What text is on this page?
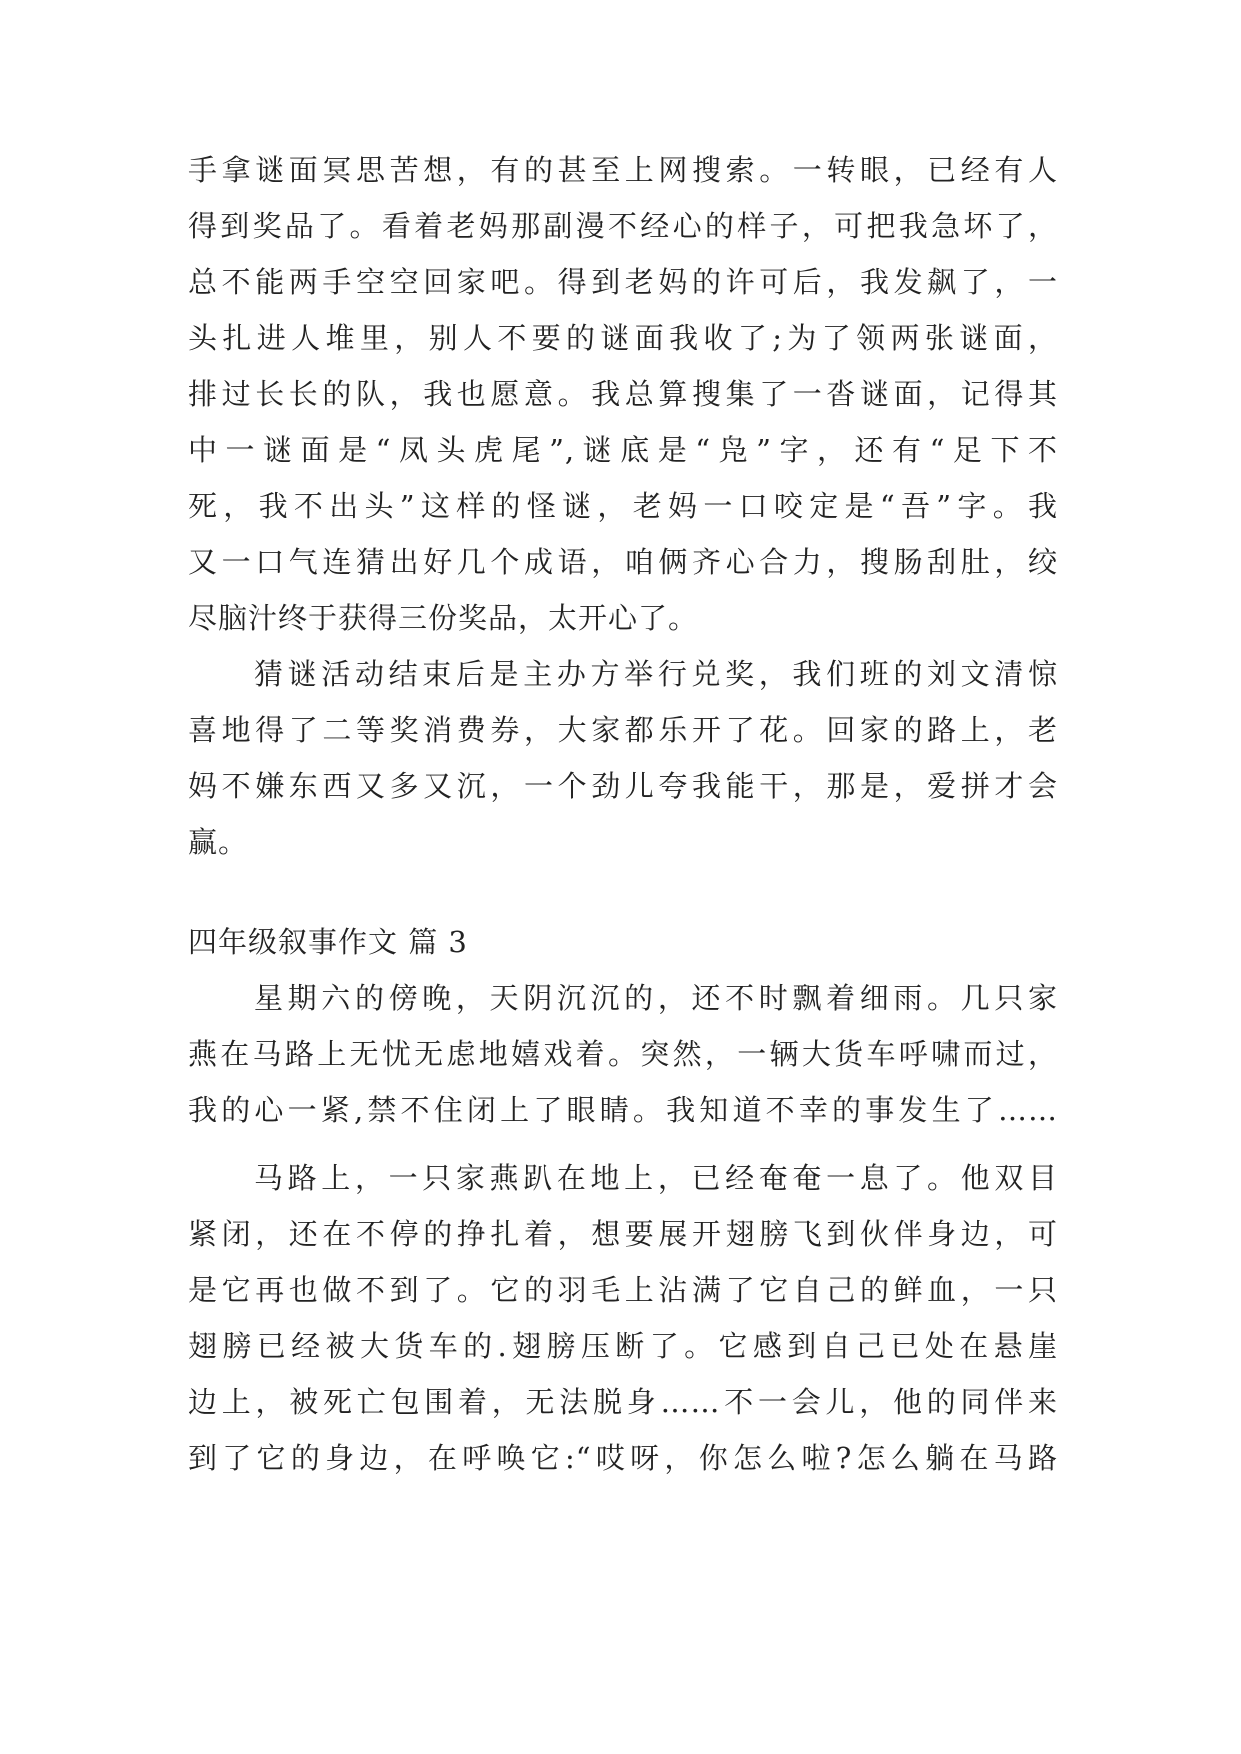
手拿谜面冥思苦想，有的甚至上网搜索。一转眼，已经有人
得到奖品了。看着老妈那副漫不经心的样子，可把我急坏了，
总不能两手空空回家吧。得到老妈的许可后，我发飙了，一
头扎进人堆里，别人不要的谜面我收了;为了领两张谜面，
排过长长的队，我也愿意。我总算搜集了一沓谜面，记得其
中一谜面是“凤头虎尾”,谜底是“凫”字，还有“足下不
死，我不出头”这样的怪谜，老妈一口咬定是“吾”字。我
又一口气连猜出好几个成语，咱俩齐心合力，搜肠刮肚，绞
尽脑汁终于获得三份奖品，太开心了。
猜谜活动结束后是主办方举行兑奖，我们班的刘文清惊
喜地得了二等奖消费券，大家都乐开了花。回家的路上，老
妈不嫌东西又多又沉，一个劲儿夸我能干，那是，爱拼才会
赢。
四年级叙事作文 篇 3
星期六的傍晚，天阴沉沉的，还不时飘着细雨。几只家
燕在马路上无忧无虑地嬉戏着。突然，一辆大货车呼啸而过，
我的心一紧,禁不住闭上了眼睛。我知道不幸的事发生了……
马路上，一只家燕趴在地上，已经奄奄一息了。他双目
紧闭，还在不停的挣扎着，想要展开翅膀飞到伙伴身边，可
是它再也做不到了。它的羽毛上沾满了它自己的鲜血，一只
翅膀已经被大货车的.翅膀压断了。它感到自己已处在悬崖
边上，被死亡包围着，无法脱身……不一会儿，他的同伴来
到了它的身边，在呼唤它:“哎呀，你怎么啦?怎么躺在马路
